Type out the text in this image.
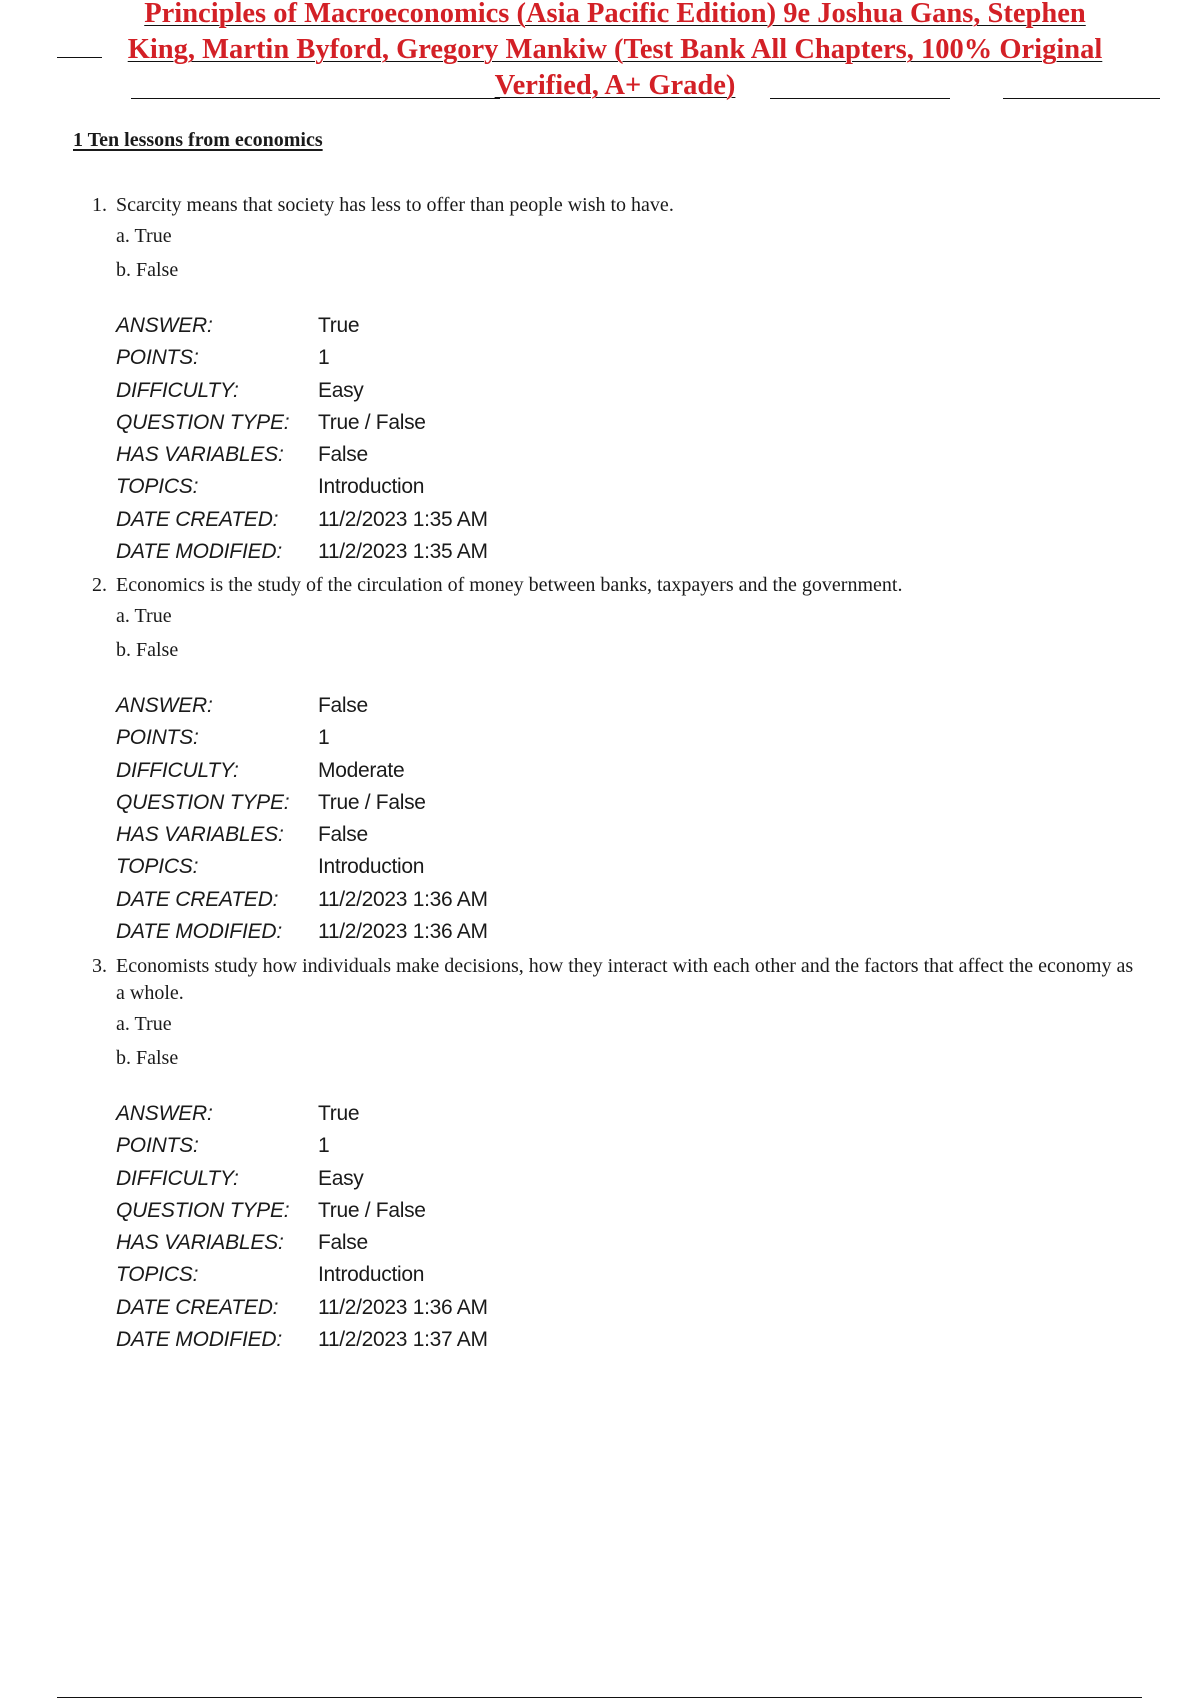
Principles of Macroeconomics (Asia Pacific Edition) 9e Joshua Gans, Stephen
King, Martin Byford, Gregory Mankiw (Test Bank All Chapters, 100% Original
Verified, A+ Grade)
1 Ten lessons from economics

1. Scarcity means that society has less to offer than people wish to have.

a. True

b. False

ANSWER:	True
POINTS:	1
DIFFICULTY:	Easy
QUESTION TYPE:	True / False
HAS VARIABLES:	False
TOPICS:	Introduction
DATE CREATED:	11/2/2023 1:35 AM
DATE MODIFIED:	11/2/2023 1:35 AM

2. Economics is the study of the circulation of money between banks, taxpayers and the government.

a. True

b. False

ANSWER:	False
POINTS:	1
DIFFICULTY:	Moderate
QUESTION TYPE:	True / False
HAS VARIABLES:	False
TOPICS:	Introduction
DATE CREATED:	11/2/2023 1:36 AM
DATE MODIFIED:	11/2/2023 1:36 AM

3. Economists study how individuals make decisions, how they interact with each other and the factors that affect the economy as a whole.

a. True

b. False

ANSWER:	True
POINTS:	1
DIFFICULTY:	Easy
QUESTION TYPE:	True / False
HAS VARIABLES:	False
TOPICS:	Introduction
DATE CREATED:	11/2/2023 1:36 AM
DATE MODIFIED:	11/2/2023 1:37 AM
